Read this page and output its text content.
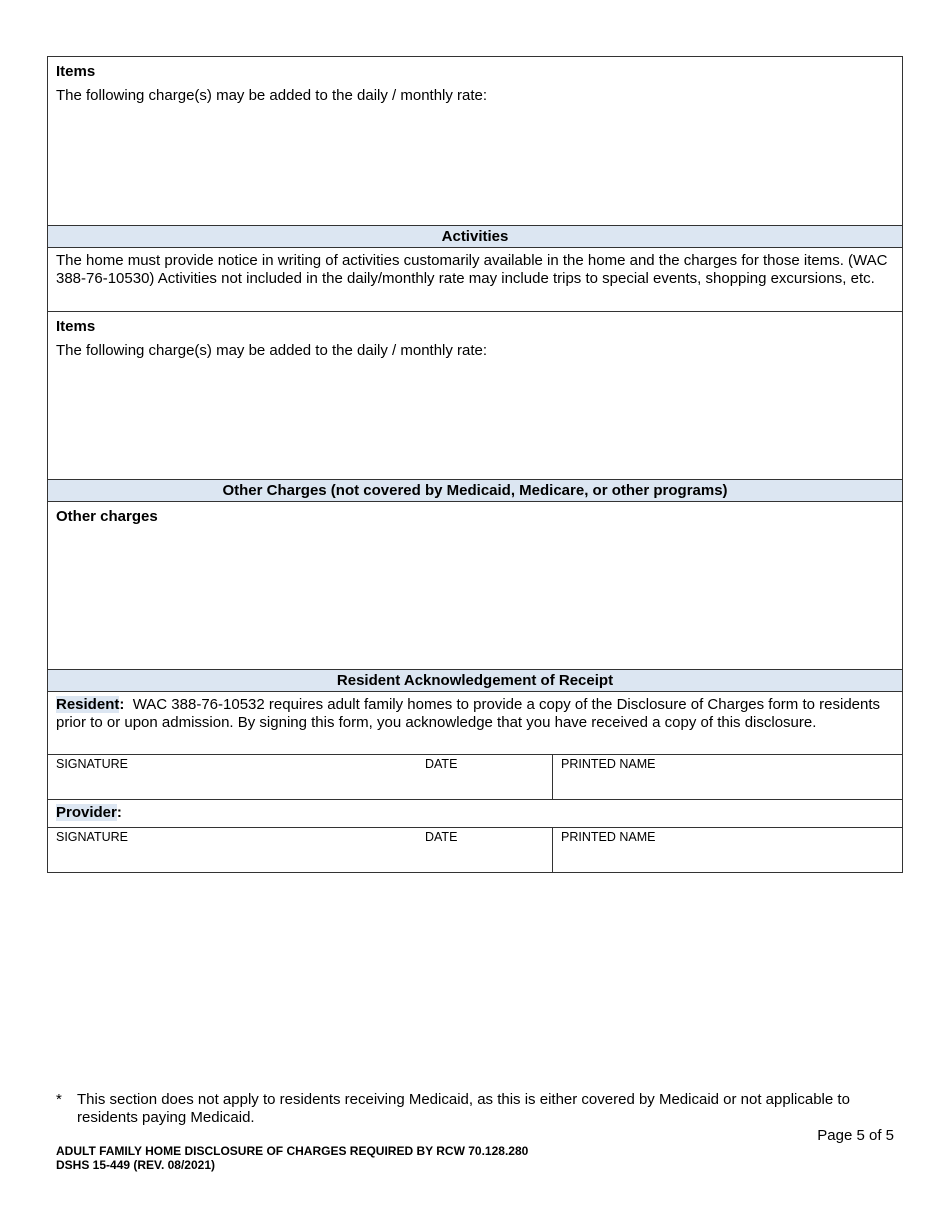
Items
The following charge(s) may be added to the daily / monthly rate:
Activities
The home must provide notice in writing of activities customarily available in the home and the charges for those items. (WAC 388-76-10530) Activities not included in the daily/monthly rate may include trips to special events, shopping excursions, etc.
Items
The following charge(s) may be added to the daily / monthly rate:
Other Charges (not covered by Medicaid, Medicare, or other programs)
Other charges
Resident Acknowledgement of Receipt
Resident: WAC 388-76-10532 requires adult family homes to provide a copy of the Disclosure of Charges form to residents prior to or upon admission. By signing this form, you acknowledge that you have received a copy of this disclosure.
SIGNATURE	DATE	PRINTED NAME
Provider:
SIGNATURE	DATE	PRINTED NAME
* This section does not apply to residents receiving Medicaid, as this is either covered by Medicaid or not applicable to residents paying Medicaid.
Page 5 of 5
ADULT FAMILY HOME DISCLOSURE OF CHARGES REQUIRED BY RCW 70.128.280
DSHS 15-449 (REV. 08/2021)
